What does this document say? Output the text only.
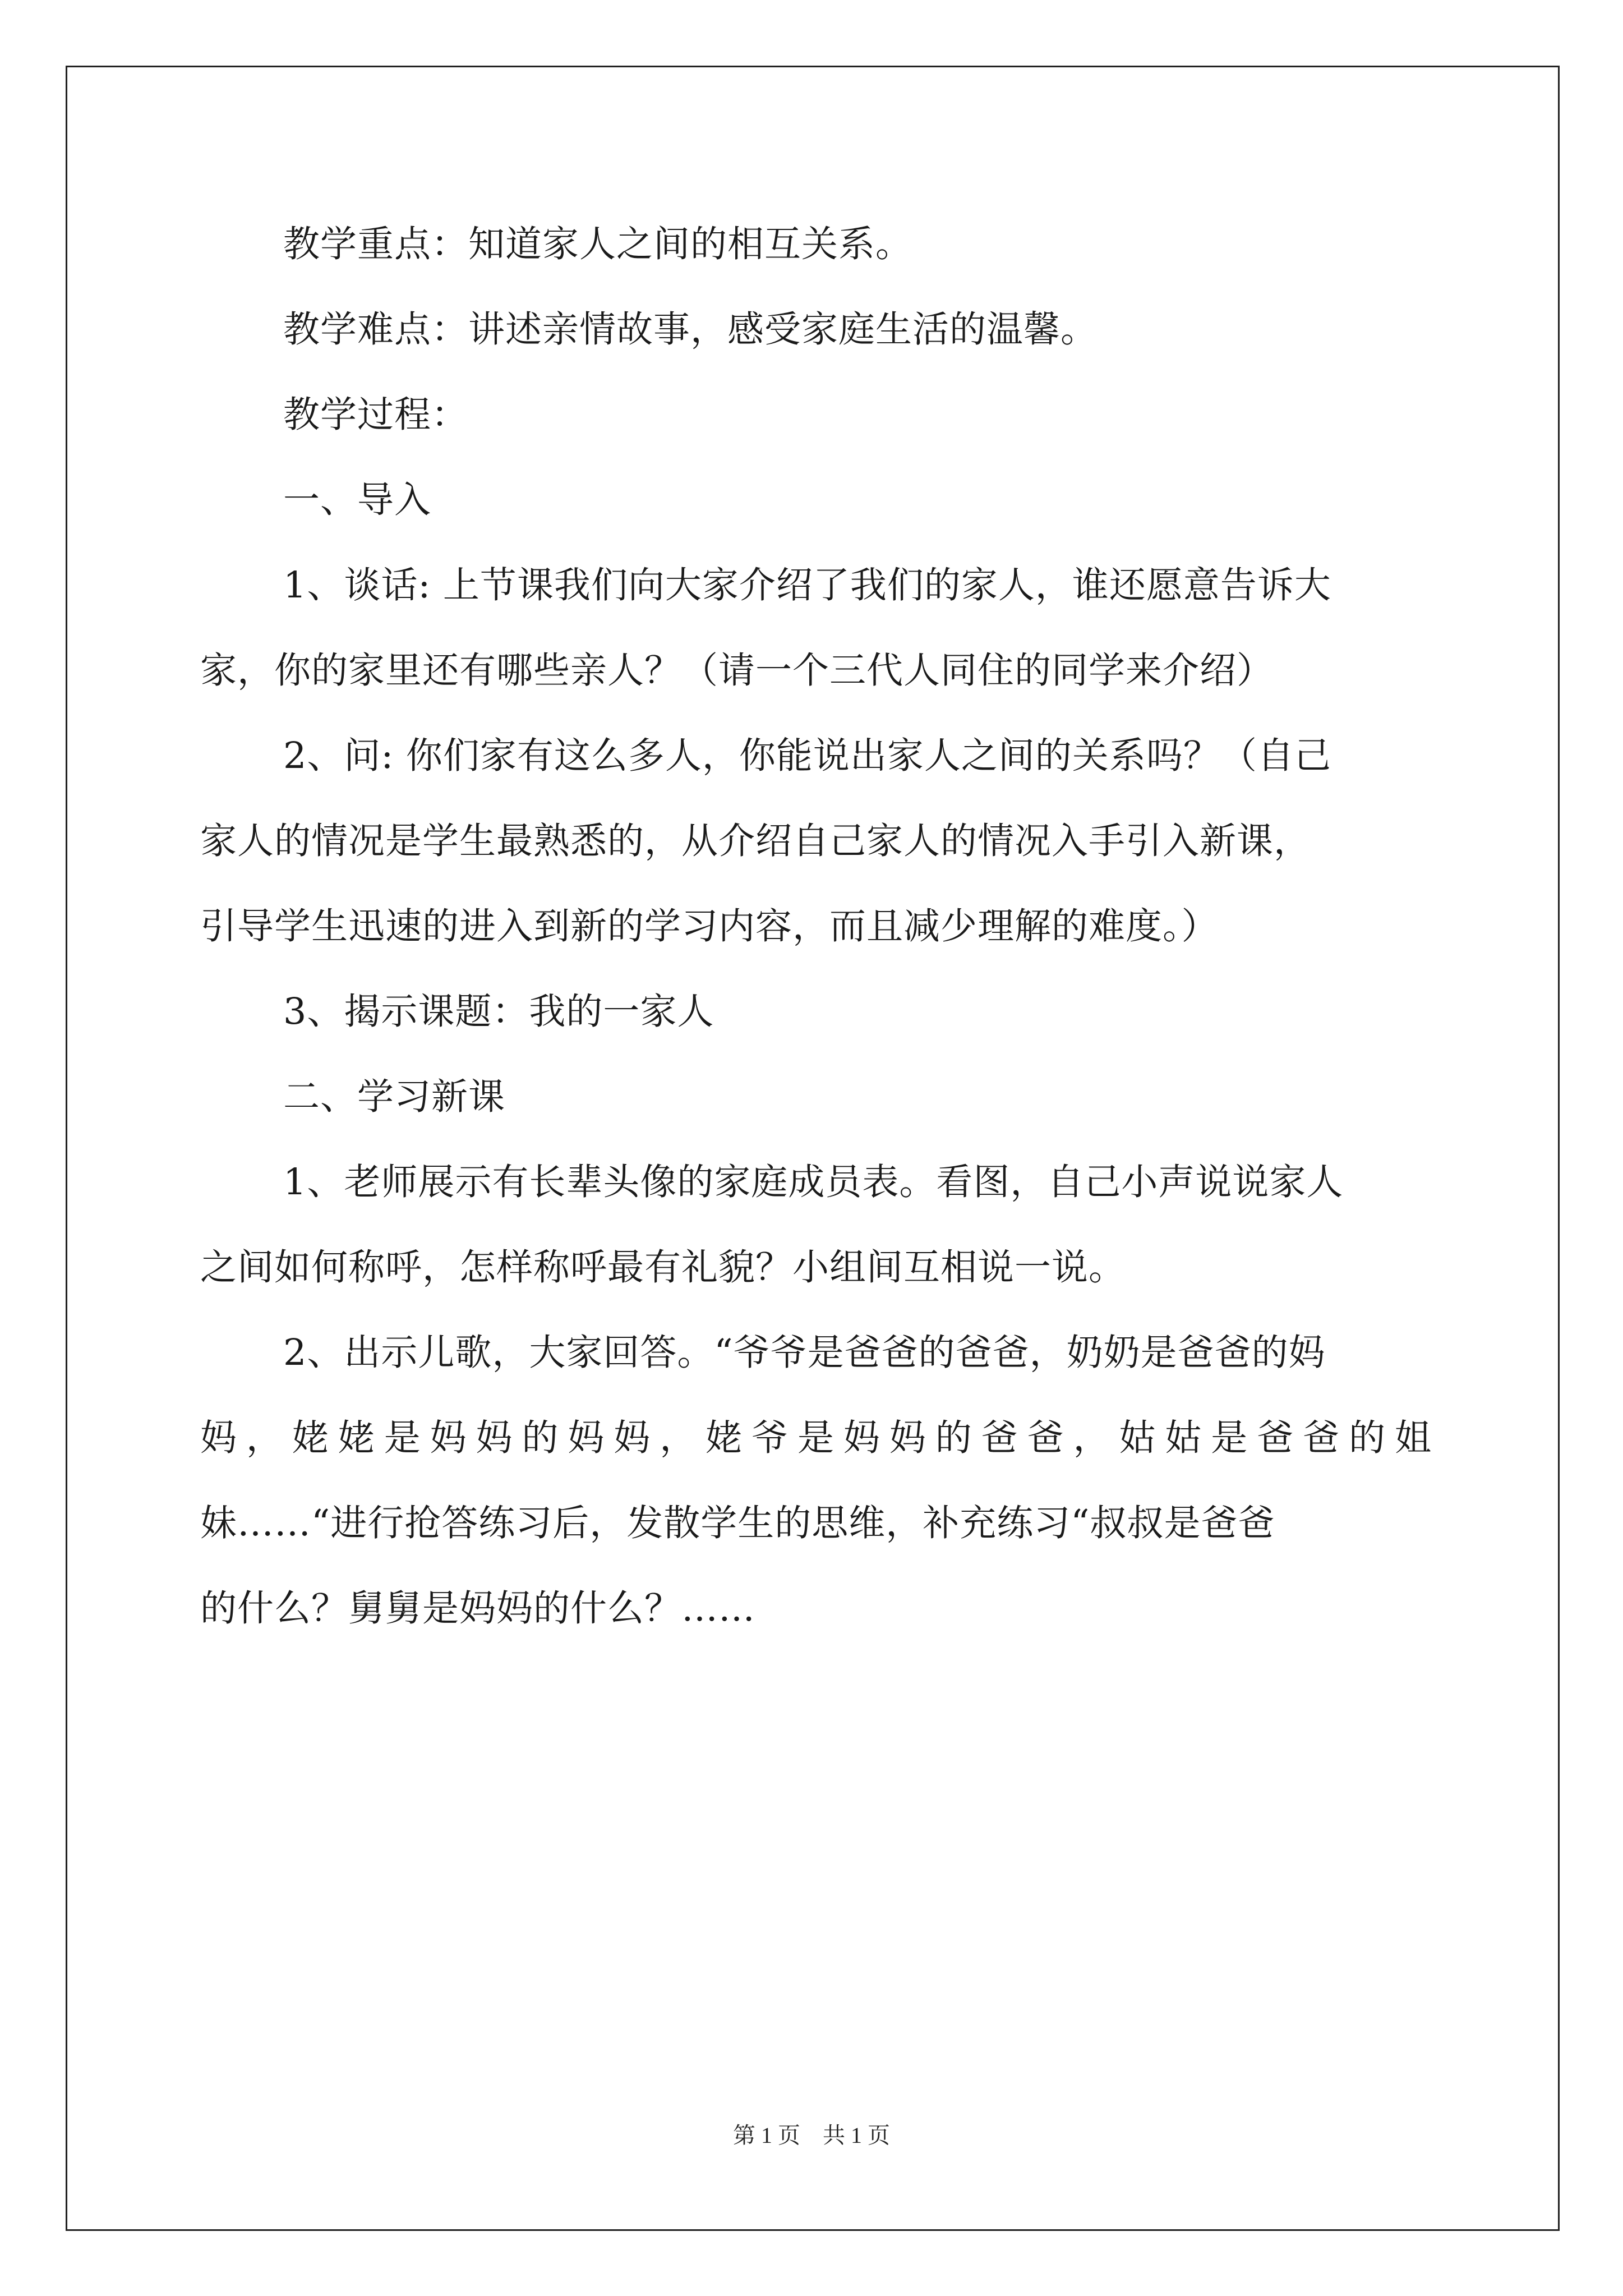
教学重点：知道家人之间的相互关系。

教学难点：讲述亲情故事，感受家庭生活的温馨。

教学过程：

一、导入

1、谈话: 上节课我们向大家介绍了我们的家人，谁还愿意告诉大

家，你的家里还有哪些亲人？（请一个三代人同住的同学来介绍）

2、问: 你们家有这么多人，你能说出家人之间的关系吗？（自己

家人的情况是学生最熟悉的，从介绍自己家人的情况入手引入新课，

引导学生迅速的进入到新的学习内容，而且减少理解的难度。）

3、揭示课题：我的一家人

二、学习新课

1、老师展示有长辈头像的家庭成员表。看图，自己小声说说家人

之间如何称呼，怎样称呼最有礼貌？小组间互相说一说。

2、出示儿歌，大家回答。“爷爷是爸爸的爸爸，奶奶是爸爸的妈

妈，姥姥是妈妈的妈妈，姥爷是妈妈的爸爸，姑姑是爸爸的姐

妹……“进行抢答练习后，发散学生的思维，补充练习“叔叔是爸爸

的什么？舅舅是妈妈的什么？……

第 1 页　共 1 页
